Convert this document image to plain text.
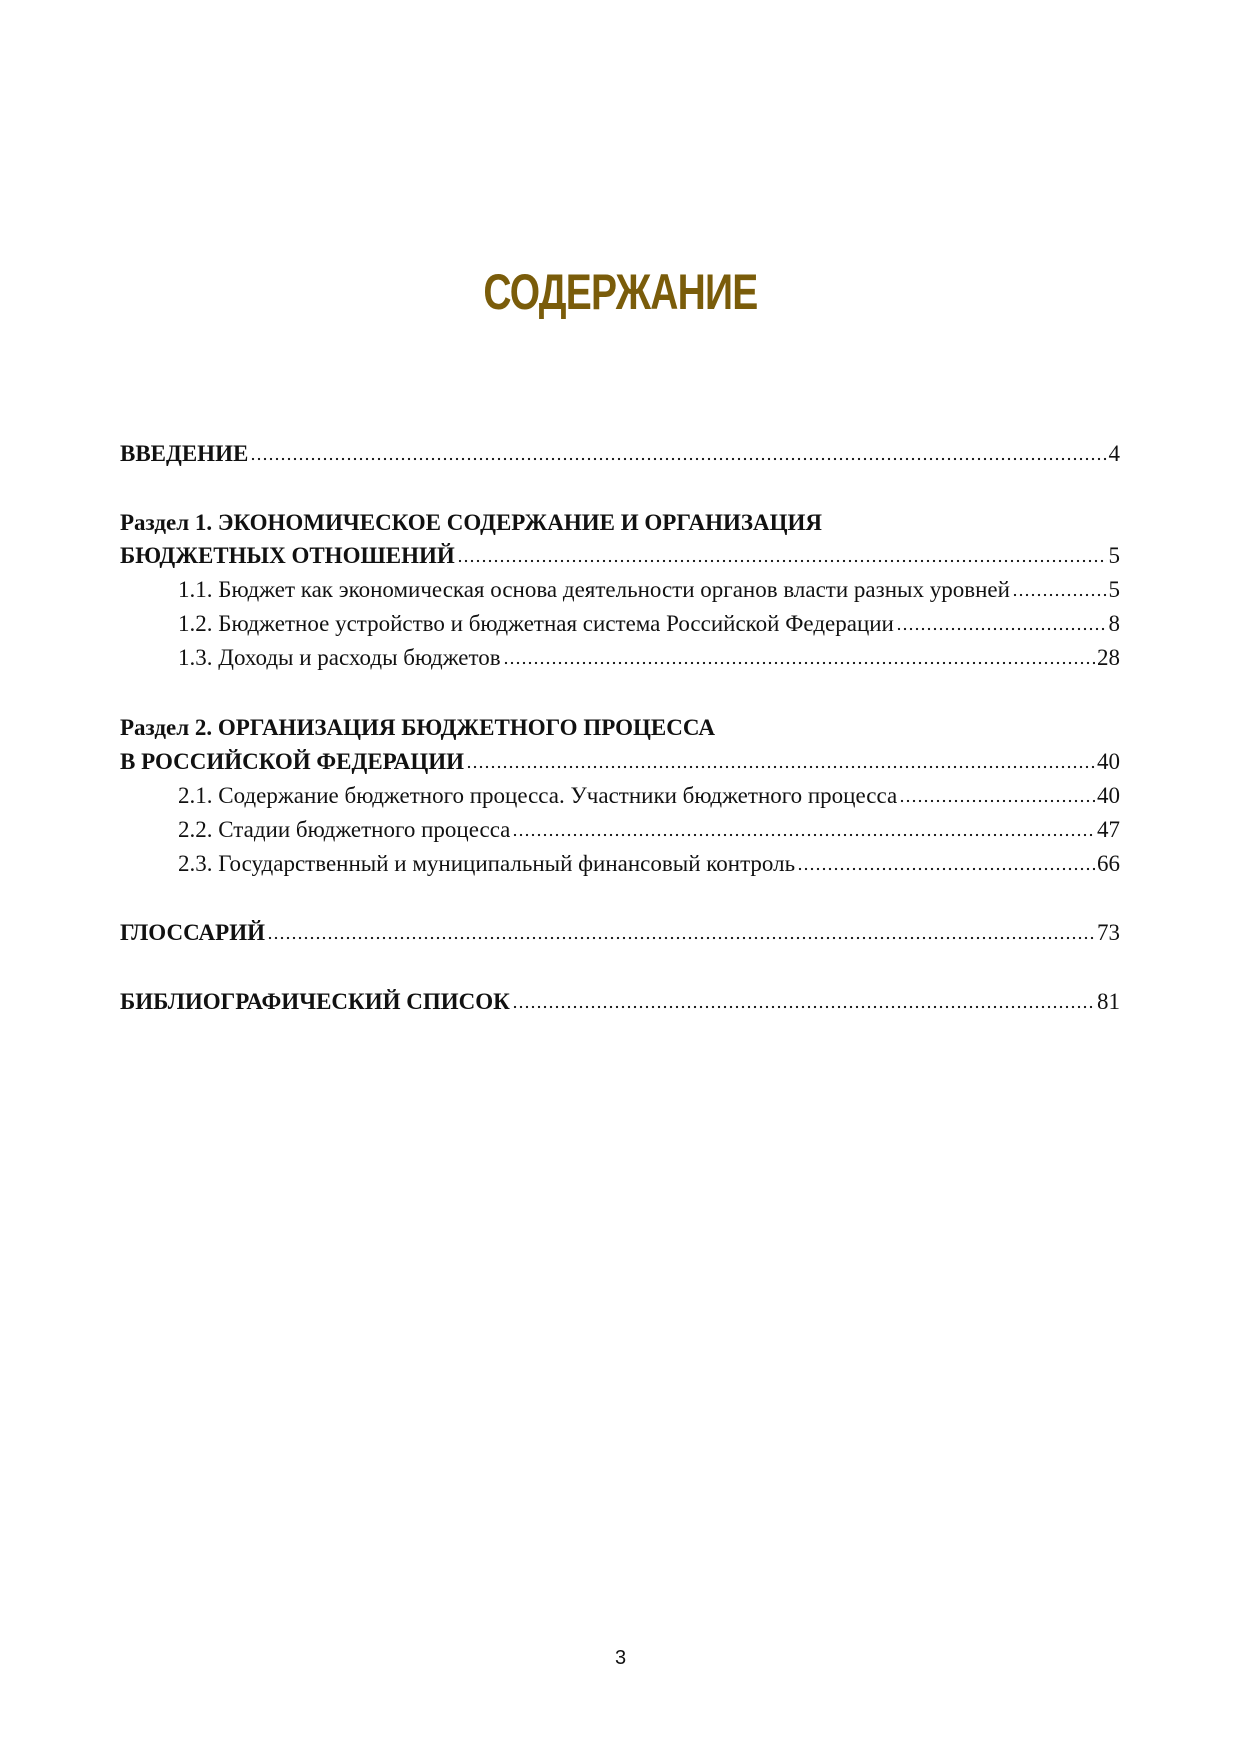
СОДЕРЖАНИЕ
ВВЕДЕНИЕ	4
Раздел 1. ЭКОНОМИЧЕСКОЕ СОДЕРЖАНИЕ И ОРГАНИЗАЦИЯ
БЮДЖЕТНЫХ ОТНОШЕНИЙ	5
1.1. Бюджет как экономическая основа деятельности органов власти разных уровней	5
1.2. Бюджетное устройство и бюджетная система Российской Федерации	8
1.3. Доходы и расходы бюджетов	28
Раздел 2. ОРГАНИЗАЦИЯ БЮДЖЕТНОГО ПРОЦЕССА
В РОССИЙСКОЙ ФЕДЕРАЦИИ	40
2.1. Содержание бюджетного процесса. Участники бюджетного процесса	40
2.2. Стадии бюджетного процесса	47
2.3. Государственный и муниципальный финансовый контроль	66
ГЛОССАРИЙ	73
БИБЛИОГРАФИЧЕСКИЙ СПИСОК	81
3
